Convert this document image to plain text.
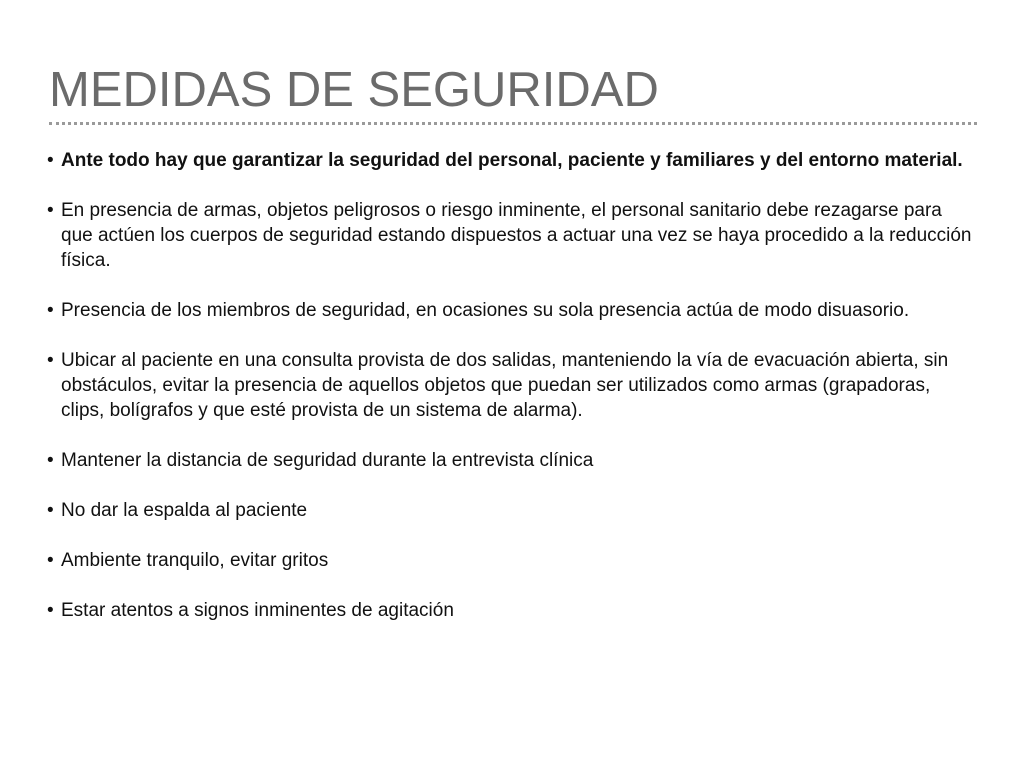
MEDIDAS DE SEGURIDAD
• Ante todo hay que garantizar la seguridad del personal, paciente y familiares y del entorno material.
• En presencia de armas, objetos peligrosos o riesgo inminente, el personal sanitario debe rezagarse para que actúen los cuerpos de seguridad estando dispuestos a actuar una vez se haya procedido a la reducción física.
• Presencia de los miembros de seguridad, en ocasiones su sola presencia actúa de modo disuasorio.
• Ubicar al paciente en una consulta provista de dos salidas, manteniendo la vía de evacuación abierta, sin obstáculos, evitar la presencia de aquellos objetos que puedan ser utilizados como armas (grapadoras, clips, bolígrafos y que esté provista de un sistema de alarma).
• Mantener la distancia de seguridad durante la entrevista clínica
• No dar la espalda al paciente
• Ambiente tranquilo, evitar gritos
• Estar atentos a signos inminentes de agitación
